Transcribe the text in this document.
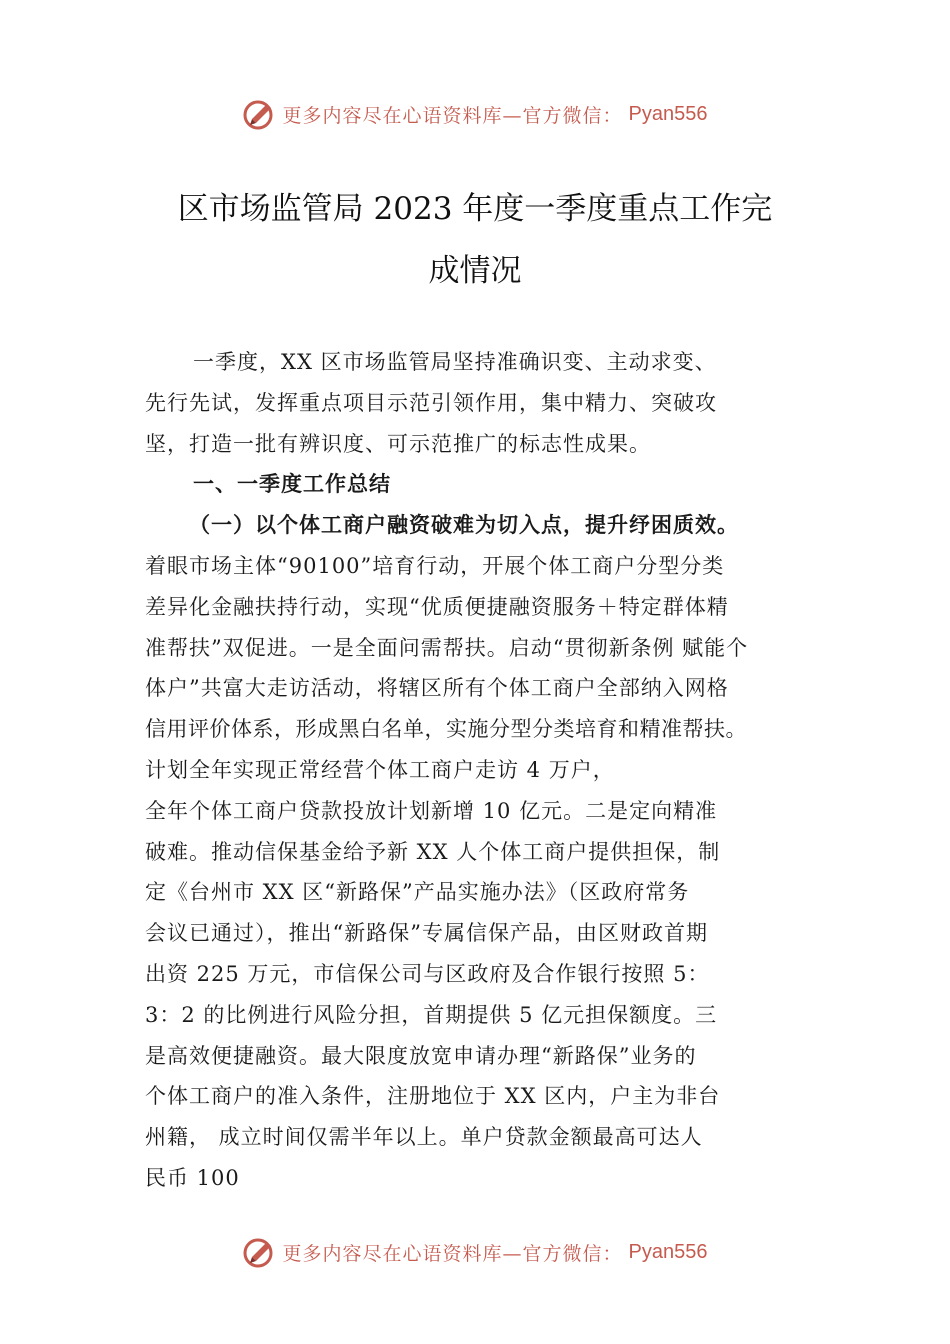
更多内容尽在心语资料库—官方微信： Pyan556
区市场监管局 2023 年度一季度重点工作完
成情况
一季度，XX 区市场监管局坚持准确识变、主动求变、
先行先试，发挥重点项目示范引领作用，集中精力、突破攻
坚，打造一批有辨识度、可示范推广的标志性成果。
一、一季度工作总结
（一）以个体工商户融资破难为切入点，提升纾困质效。
着眼市场主体“90100”培育行动，开展个体工商户分型分类
差异化金融扶持行动，实现“优质便捷融资服务＋特定群体精
准帮扶”双促进。一是全面问需帮扶。启动“贯彻新条例 赋能个
体户”共富大走访活动，将辖区所有个体工商户全部纳入网格
信用评价体系，形成黑白名单，实施分型分类培育和精准帮扶。
计划全年实现正常经营个体工商户走访 4 万户，
全年个体工商户贷款投放计划新增 10 亿元。二是定向精准
破难。推动信保基金给予新 XX 人个体工商户提供担保，制
定《台州市 XX 区“新路保”产品实施办法》（区政府常务
会议已通过），推出“新路保”专属信保产品，由区财政首期
出资 225 万元，市信保公司与区政府及合作银行按照 5：
3：2 的比例进行风险分担，首期提供 5 亿元担保额度。三
是高效便捷融资。最大限度放宽申请办理“新路保”业务的
个体工商户的准入条件，注册地位于 XX 区内，户主为非台
州籍， 成立时间仅需半年以上。单户贷款金额最高可达人
民币 100
更多内容尽在心语资料库—官方微信： Pyan556
